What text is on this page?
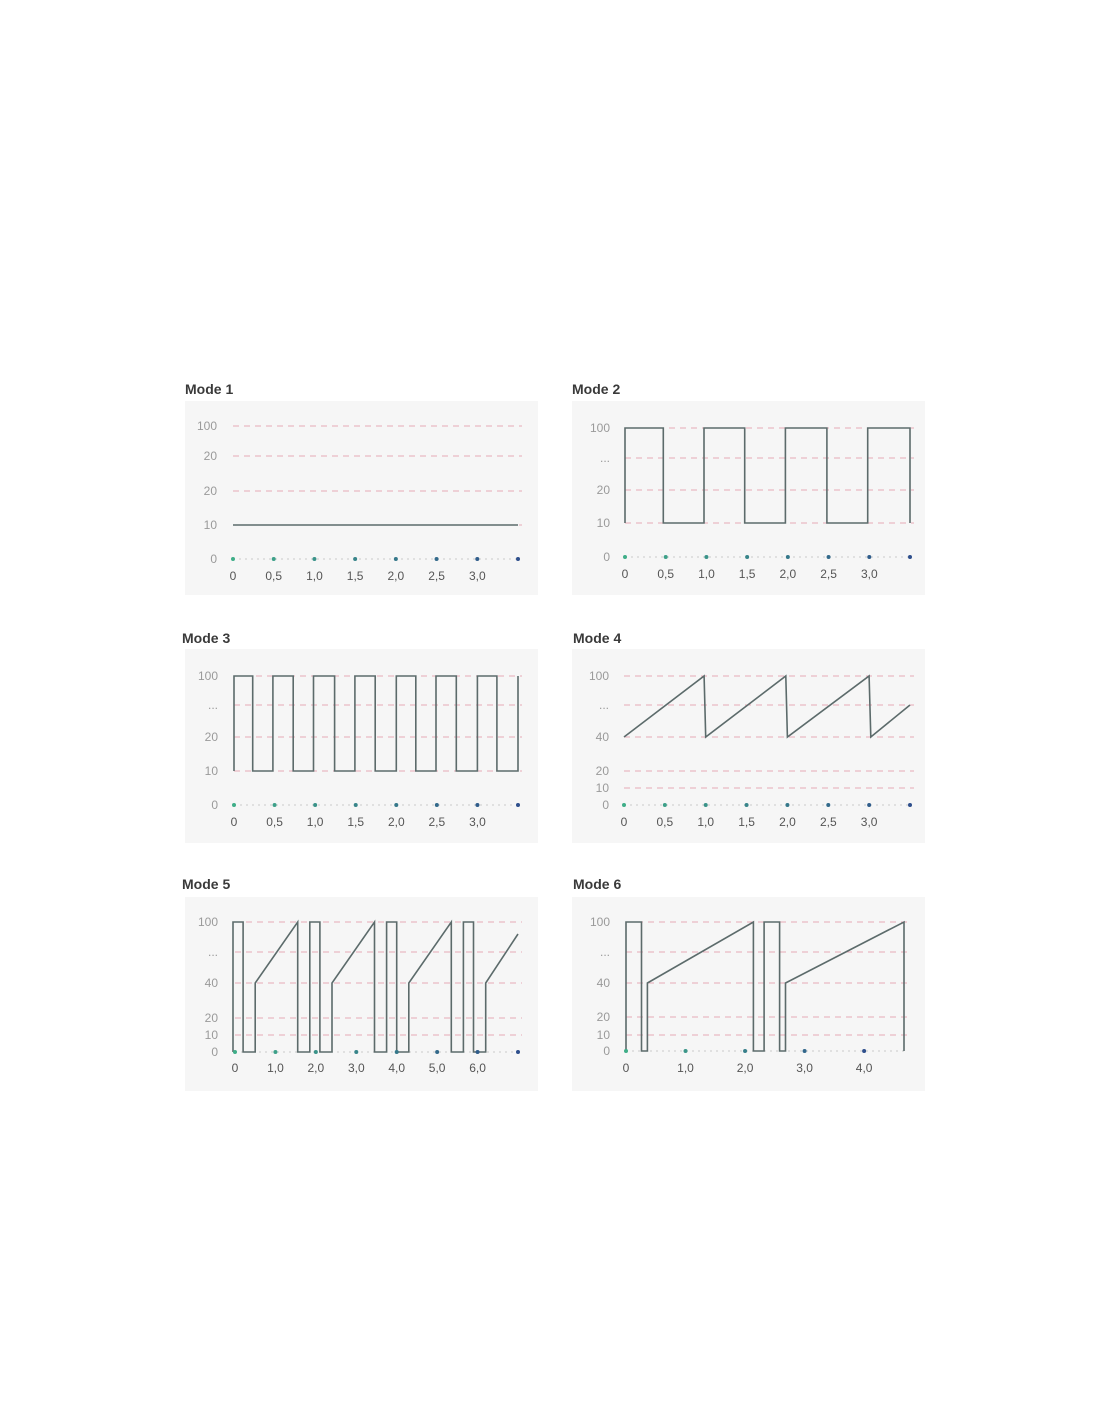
Mode 1	Mode 2
Mode 3	Mode 4
Mode 5	Mode 6
0
10
20
20
100
0 0,5 1,0 1,5 2,0 2,5 3,0
0
10
20
...
100
0 0,5 1,0 1,5 2,0 2,5 3,0
0
10
20
...
100
0 0,5 1,0 1,5 2,0 2,5 3,0
0
10
20
40
...
100
0 0,5 1,0 1,5 2,0 2,5 3,0
0
10
20
40
...
100
0 1,0 2,0 3,0 4,0 5,0 6,0
0
10
20
40
...
100
0	1,0	2,0	3,0	4,0
